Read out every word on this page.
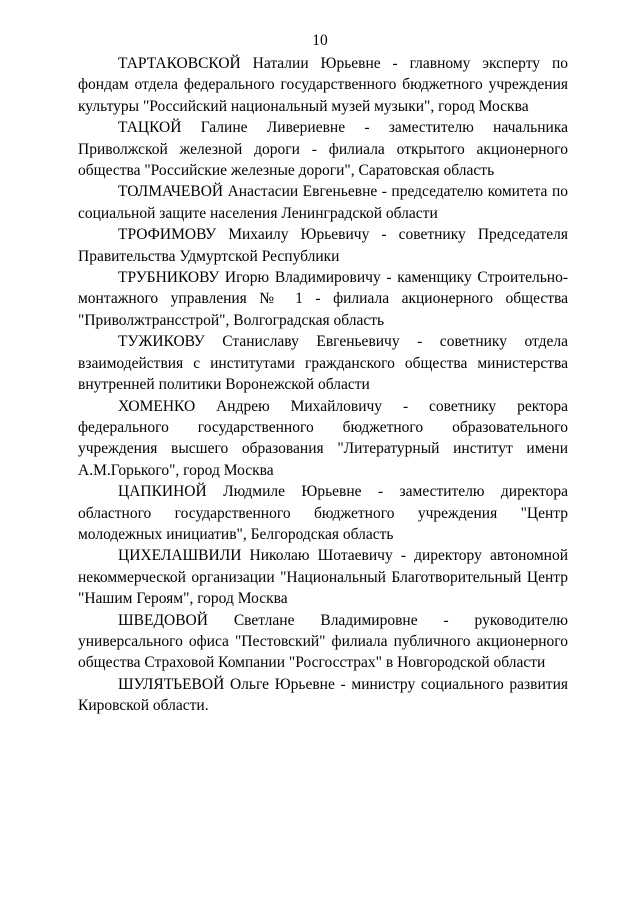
10

ТАРТАКОВСКОЙ Наталии Юрьевне - главному эксперту по фондам отдела федерального государственного бюджетного учреждения культуры "Российский национальный музей музыки", город Москва

ТАЦКОЙ Галине Ливериевне - заместителю начальника Приволжской железной дороги - филиала открытого акционерного общества "Российские железные дороги", Саратовская область

ТОЛМАЧЕВОЙ Анастасии Евгеньевне - председателю комитета по социальной защите населения Ленинградской области

ТРОФИМОВУ Михаилу Юрьевичу - советнику Председателя Правительства Удмуртской Республики

ТРУБНИКОВУ Игорю Владимировичу - каменщику Строительно-монтажного управления № 1 - филиала акционерного общества "Приволжтрансстрой", Волгоградская область

ТУЖИКОВУ Станиславу Евгеньевичу - советнику отдела взаимодействия с институтами гражданского общества министерства внутренней политики Воронежской области

ХОМЕНКО Андрею Михайловичу - советнику ректора федерального государственного бюджетного образовательного учреждения высшего образования "Литературный институт имени А.М.Горького", город Москва

ЦАПКИНОЙ Людмиле Юрьевне - заместителю директора областного государственного бюджетного учреждения "Центр молодежных инициатив", Белгородская область

ЦИХЕЛАШВИЛИ Николаю Шотаевичу - директору автономной некоммерческой организации "Национальный Благотворительный Центр "Нашим Героям", город Москва

ШВЕДОВОЙ Светлане Владимировне - руководителю универсального офиса "Пестовский" филиала публичного акционерного общества Страховой Компании "Росгосстрах" в Новгородской области

ШУЛЯТЬЕВОЙ Ольге Юрьевне - министру социального развития Кировской области.
